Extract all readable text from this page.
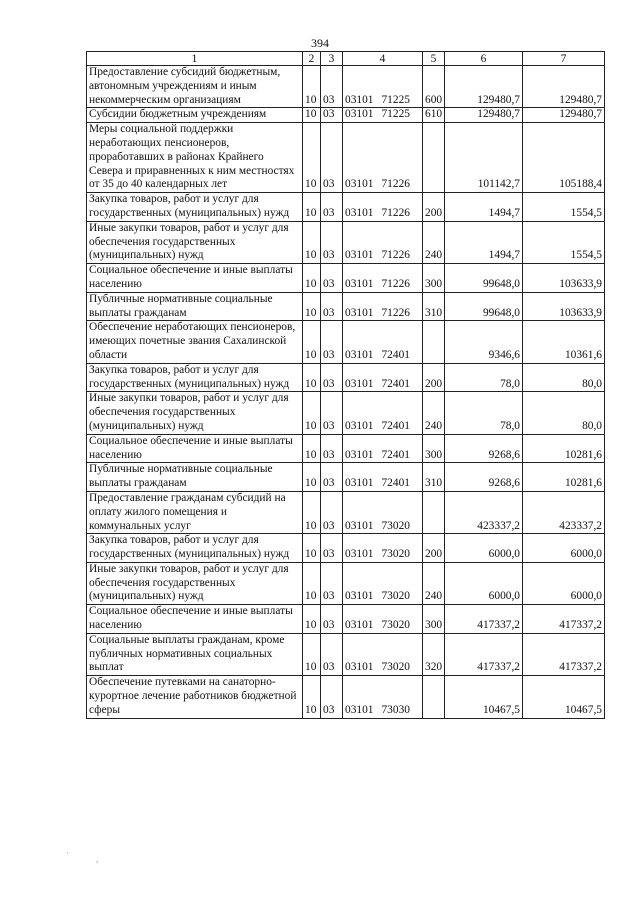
394
1	2	3	4	5	6	7
Предоставление субсидий бюджетным, автономным учреждениям и иным некоммерческим организациям	10	03	03101 71225	600	129480,7	129480,7
Субсидии бюджетным учреждениям	10	03	03101 71225	610	129480,7	129480,7
Меры социальной поддержки неработающих пенсионеров, проработавших в районах Крайнего Севера и приравненных к ним местностях от 35 до 40 календарных лет	10	03	03101 71226		101142,7	105188,4
Закупка товаров, работ и услуг для государственных (муниципальных) нужд	10	03	03101 71226	200	1494,7	1554,5
Иные закупки товаров, работ и услуг для обеспечения государственных (муниципальных) нужд	10	03	03101 71226	240	1494,7	1554,5
Социальное обеспечение и иные выплаты населению	10	03	03101 71226	300	99648,0	103633,9
Публичные нормативные социальные выплаты гражданам	10	03	03101 71226	310	99648,0	103633,9
Обеспечение неработающих пенсионеров, имеющих почетные звания Сахалинской области	10	03	03101 72401		9346,6	10361,6
Закупка товаров, работ и услуг для государственных (муниципальных) нужд	10	03	03101 72401	200	78,0	80,0
Иные закупки товаров, работ и услуг для обеспечения государственных (муниципальных) нужд	10	03	03101 72401	240	78,0	80,0
Социальное обеспечение и иные выплаты населению	10	03	03101 72401	300	9268,6	10281,6
Публичные нормативные социальные выплаты гражданам	10	03	03101 72401	310	9268,6	10281,6
Предоставление гражданам субсидий на оплату жилого помещения и коммунальных услуг	10	03	03101 73020		423337,2	423337,2
Закупка товаров, работ и услуг для государственных (муниципальных) нужд	10	03	03101 73020	200	6000,0	6000,0
Иные закупки товаров, работ и услуг для обеспечения государственных (муниципальных) нужд	10	03	03101 73020	240	6000,0	6000,0
Социальное обеспечение и иные выплаты населению	10	03	03101 73020	300	417337,2	417337,2
Социальные выплаты гражданам, кроме публичных нормативных социальных выплат	10	03	03101 73020	320	417337,2	417337,2
Обеспечение путевками на санаторно-курортное лечение работников бюджетной сферы	10	03	03101 73030		10467,5	10467,5
·
,
